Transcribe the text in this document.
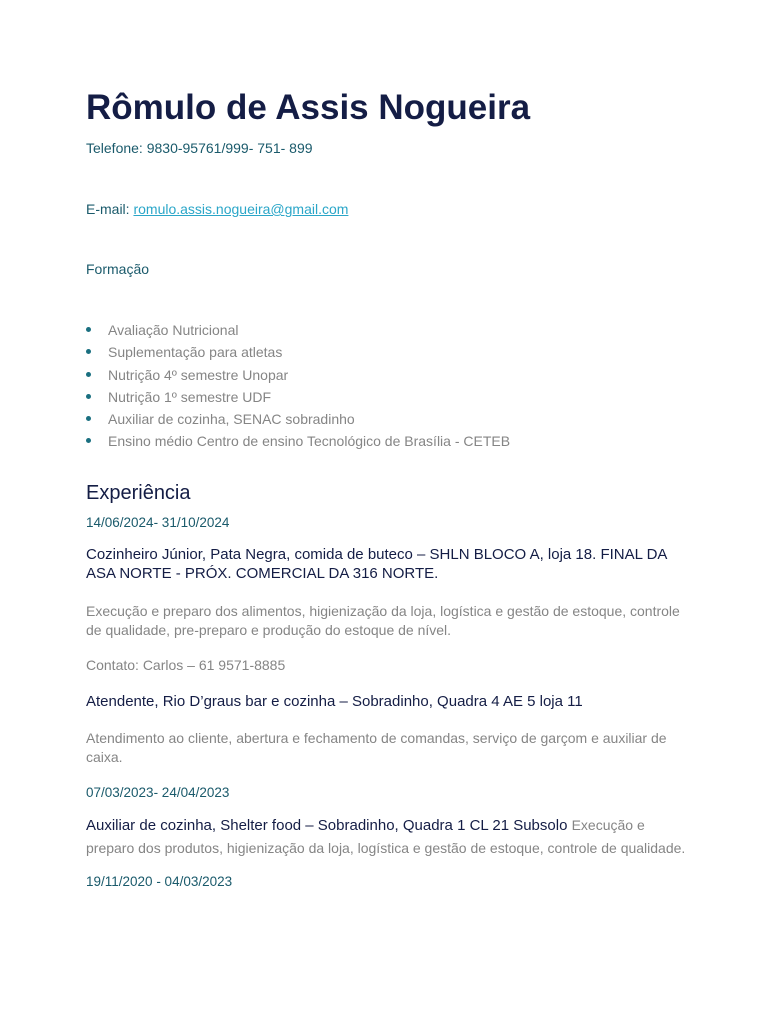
Rômulo de Assis Nogueira
Telefone: 9830-95761/999- 751- 899
E-mail: romulo.assis.nogueira@gmail.com
Formação
Avaliação Nutricional
Suplementação para atletas
Nutrição 4º semestre Unopar
Nutrição 1º semestre UDF
Auxiliar de cozinha, SENAC sobradinho
Ensino médio Centro de ensino Tecnológico de Brasília - CETEB
Experiência
14/06/2024- 31/10/2024
Cozinheiro Júnior, Pata Negra, comida de buteco – SHLN BLOCO A, loja 18. FINAL DA ASA NORTE - PRÓX. COMERCIAL DA 316 NORTE.
Execução e preparo dos alimentos, higienização da loja, logística e gestão de estoque, controle de qualidade, pre-preparo e produção do estoque de nível.
Contato: Carlos – 61 9571-8885
Atendente, Rio D’graus bar e cozinha – Sobradinho, Quadra 4 AE 5 loja 11
Atendimento ao cliente, abertura e fechamento de comandas, serviço de garçom e auxiliar de caixa.
07/03/2023- 24/04/2023
Auxiliar de cozinha, Shelter food – Sobradinho, Quadra 1 CL 21 Subsolo Execução e preparo dos produtos, higienização da loja, logística e gestão de estoque, controle de qualidade.
19/11/2020 - 04/03/2023
